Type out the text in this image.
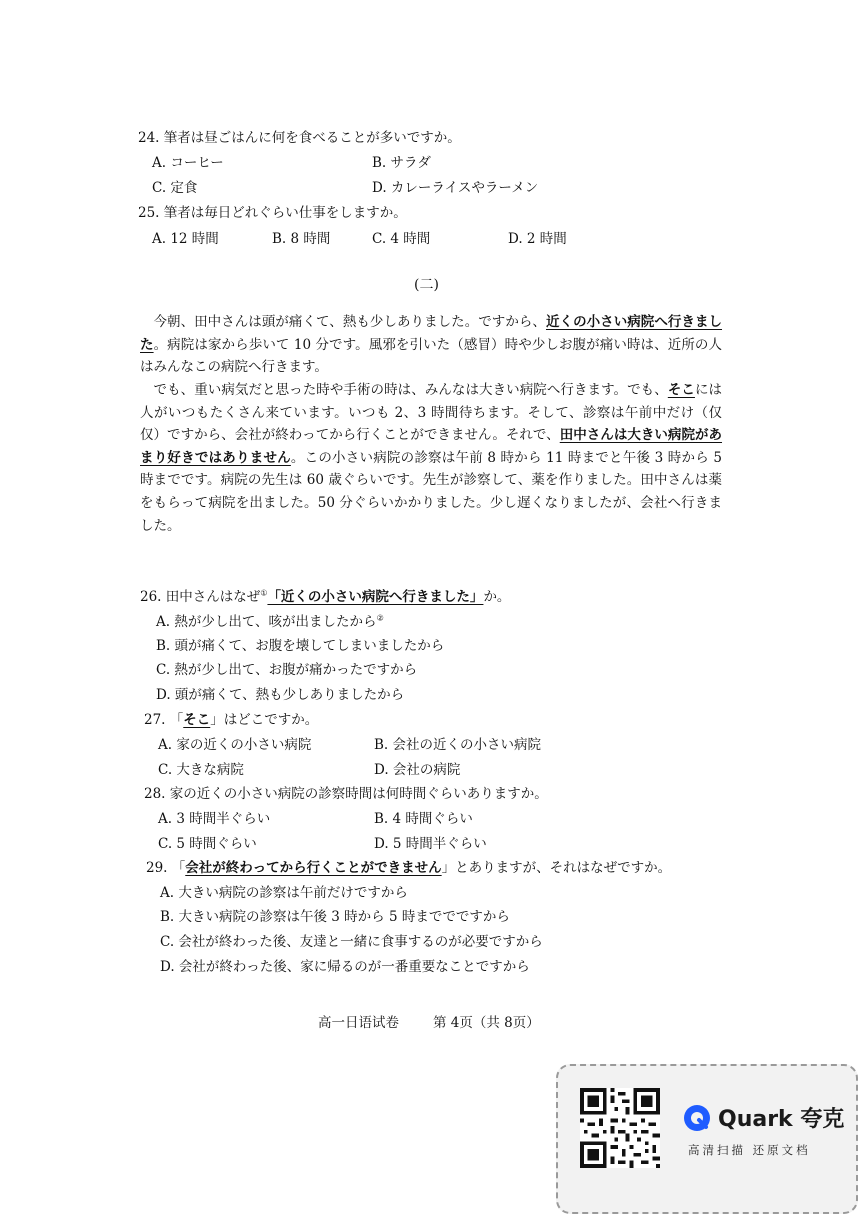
24. 筆者は昼ごはんに何を食べることが多いですか。
A. コーヒー	B. サラダ
C. 定食	D. カレーライスやラーメン
25. 筆者は毎日どれぐらい仕事をしますか。
A. 12 時間	B. 8 時間	C. 4 時間	D. 2 時間
(二)
今朝、田中さんは頭が痛くて、熱も少しありました。ですから、近くの小さい病院へ行きました。病院は家から歩いて 10 分です。風邪を引いた（感冒）時や少しお腹が痛い時は、近所の人はみんなこの病院へ行きます。
でも、重い病気だと思った時や手術の時は、みんなは大きい病院へ行きます。でも、そこには人がいつもたくさん来ています。いつも 2、3 時間待ちます。そして、診察は午前中だけ（仅仅）ですから、会社が終わってから行くことができません。それで、田中さんは大きい病院があまり好きではありません。この小さい病院の診察は午前 8 時から 11 時までと午後 3 時から 5 時までです。病院の先生は 60 歳ぐらいです。先生が診察して、薬を作りました。田中さんは薬をもらって病院を出ました。50 分ぐらいかかりました。少し遅くなりましたが、会社へ行きました。
26. 田中さんはなぜ①「近くの小さい病院へ行きました」か。
A. 熱が少し出て、咳が出ましたから②
B. 頭が痛くて、お腹を壊してしまいましたから
C. 熱が少し出て、お腹が痛かったですから
D. 頭が痛くて、熱も少しありましたから
27. 「そこ」はどこですか。
A. 家の近くの小さい病院	B. 会社の近くの小さい病院
C. 大きな病院	D. 会社の病院
28. 家の近くの小さい病院の診察時間は何時間ぐらいありますか。
A. 3 時間半ぐらい	B. 4 時間ぐらい
C. 5 時間ぐらい	D. 5 時間半ぐらい
29. 「会社が終わってから行くことができません」とありますが、それはなぜですか。
A. 大きい病院の診察は午前だけですから
B. 大きい病院の診察は午後 3 時から 5 時まででですから
C. 会社が終わった後、友達と一緒に食事するのが必要ですから
D. 会社が終わった後、家に帰るのが一番重要なことですから
高一日语试卷	第 4页（共 8页）
Quark 夸克
高清扫描 还原文档
